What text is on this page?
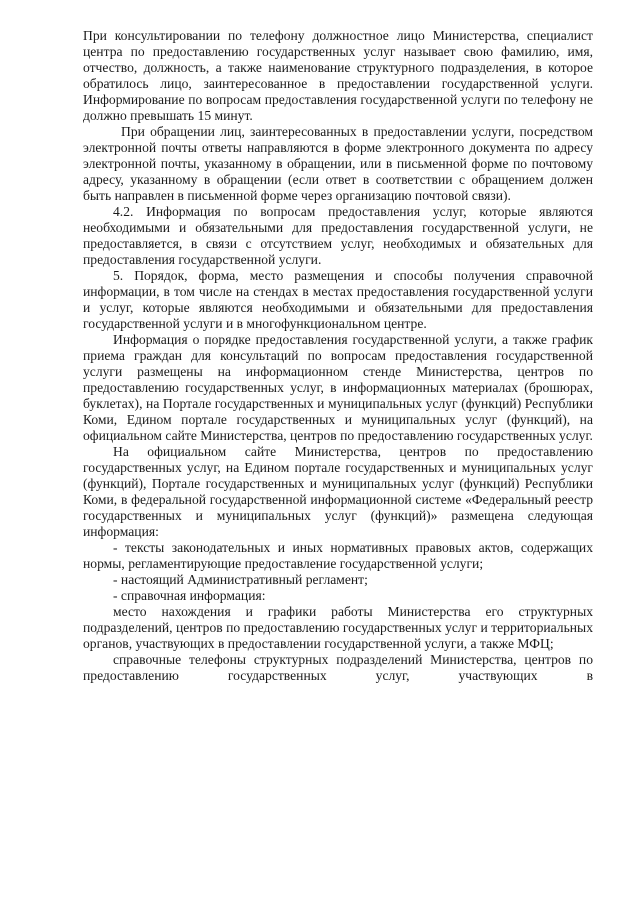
При консультировании по телефону должностное лицо Министерства, специалист центра по предоставлению государственных услуг называет свою фамилию, имя, отчество, должность, а также наименование структурного подразделения, в которое обратилось лицо, заинтересованное в предоставлении государственной услуги. Информирование по вопросам предоставления государственной услуги по телефону не должно превышать 15 минут.

При обращении лиц, заинтересованных в предоставлении услуги, посредством электронной почты ответы направляются в форме электронного документа по адресу электронной почты, указанному в обращении, или в письменной форме по почтовому адресу, указанному в обращении (если ответ в соответствии с обращением должен быть направлен в письменной форме через организацию почтовой связи).

4.2. Информация по вопросам предоставления услуг, которые являются необходимыми и обязательными для предоставления государственной услуги, не предоставляется, в связи с отсутствием услуг, необходимых и обязательных для предоставления государственной услуги.

5. Порядок, форма, место размещения и способы получения справочной информации, в том числе на стендах в местах предоставления государственной услуги и услуг, которые являются необходимыми и обязательными для предоставления государственной услуги и в многофункциональном центре.

Информация о порядке предоставления государственной услуги, а также график приема граждан для консультаций по вопросам предоставления государственной услуги размещены на информационном стенде Министерства, центров по предоставлению государственных услуг, в информационных материалах (брошюрах, буклетах), на Портале государственных и муниципальных услуг (функций) Республики Коми, Едином портале государственных и муниципальных услуг (функций), на официальном сайте Министерства, центров по предоставлению государственных услуг.

На официальном сайте Министерства, центров по предоставлению государственных услуг, на Едином портале государственных и муниципальных услуг (функций), Портале государственных и муниципальных услуг (функций) Республики Коми, в федеральной государственной информационной системе «Федеральный реестр государственных и муниципальных услуг (функций)» размещена следующая информация:

- тексты законодательных и иных нормативных правовых актов, содержащих нормы, регламентирующие предоставление государственной услуги;

- настоящий Административный регламент;

- справочная информация:

место нахождения и графики работы Министерства его структурных подразделений, центров по предоставлению государственных услуг и территориальных органов, участвующих в предоставлении государственной услуги, а также МФЦ;

справочные телефоны структурных подразделений Министерства, центров по предоставлению государственных услуг, участвующих в
